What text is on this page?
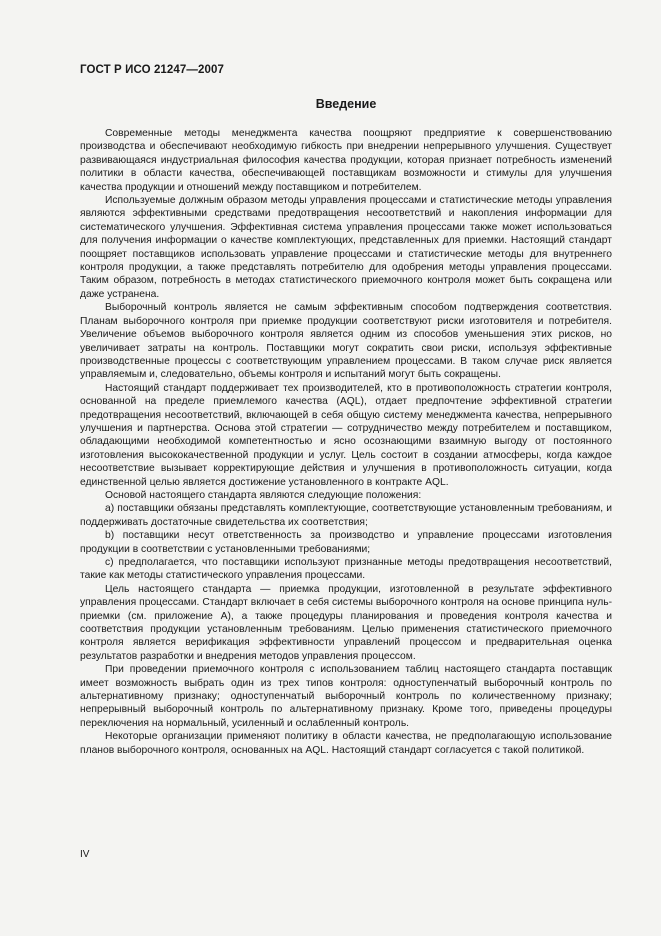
ГОСТ Р ИСО 21247—2007
Введение

Современные методы менеджмента качества поощряют предприятие к совершенствованию производства и обеспечивают необходимую гибкость при внедрении непрерывного улучшения. Существует развивающаяся индустриальная философия качества продукции, которая признает потребность изменений политики в области качества, обеспечивающей поставщикам возможности и стимулы для улучшения качества продукции и отношений между поставщиком и потребителем.

Используемые должным образом методы управления процессами и статистические методы управления являются эффективными средствами предотвращения несоответствий и накопления информации для систематического улучшения. Эффективная система управления процессами также может использоваться для получения информации о качестве комплектующих, представленных для приемки. Настоящий стандарт поощряет поставщиков использовать управление процессами и статистические методы для внутреннего контроля продукции, а также представлять потребителю для одобрения методы управления процессами. Таким образом, потребность в методах статистического приемочного контроля может быть сокращена или даже устранена.

Выборочный контроль является не самым эффективным способом подтверждения соответствия. Планам выборочного контроля при приемке продукции соответствуют риски изготовителя и потребителя. Увеличение объемов выборочного контроля является одним из способов уменьшения этих рисков, но увеличивает затраты на контроль. Поставщики могут сократить свои риски, используя эффективные производственные процессы с соответствующим управлением процессами. В таком случае риск является управляемым и, следовательно, объемы контроля и испытаний могут быть сокращены.

Настоящий стандарт поддерживает тех производителей, кто в противоположность стратегии контроля, основанной на пределе приемлемого качества (AQL), отдает предпочтение эффективной стратегии предотвращения несоответствий, включающей в себя общую систему менеджмента качества, непрерывного улучшения и партнерства. Основа этой стратегии — сотрудничество между потребителем и поставщиком, обладающими необходимой компетентностью и ясно осознающими взаимную выгоду от постоянного изготовления высококачественной продукции и услуг. Цель состоит в создании атмосферы, когда каждое несоответствие вызывает корректирующие действия и улучшения в противоположность ситуации, когда единственной целью является достижение установленного в контракте AQL.

Основой настоящего стандарта являются следующие положения:

a) поставщики обязаны представлять комплектующие, соответствующие установленным требованиям, и поддерживать достаточные свидетельства их соответствия;

b) поставщики несут ответственность за производство и управление процессами изготовления продукции в соответствии с установленными требованиями;

c) предполагается, что поставщики используют признанные методы предотвращения несоответствий, такие как методы статистического управления процессами.

Цель настоящего стандарта — приемка продукции, изготовленной в результате эффективного управления процессами. Стандарт включает в себя системы выборочного контроля на основе принципа нуль-приемки (см. приложение А), а также процедуры планирования и проведения контроля качества и соответствия продукции установленным требованиям. Целью применения статистического приемочного контроля является верификация эффективности управлений процессом и предварительная оценка результатов разработки и внедрения методов управления процессом.

При проведении приемочного контроля с использованием таблиц настоящего стандарта поставщик имеет возможность выбрать один из трех типов контроля: одноступенчатый выборочный контроль по альтернативному признаку; одноступенчатый выборочный контроль по количественному признаку; непрерывный выборочный контроль по альтернативному признаку. Кроме того, приведены процедуры переключения на нормальный, усиленный и ослабленный контроль.

Некоторые организации применяют политику в области качества, не предполагающую использование планов выборочного контроля, основанных на AQL. Настоящий стандарт согласуется с такой политикой.

IV
